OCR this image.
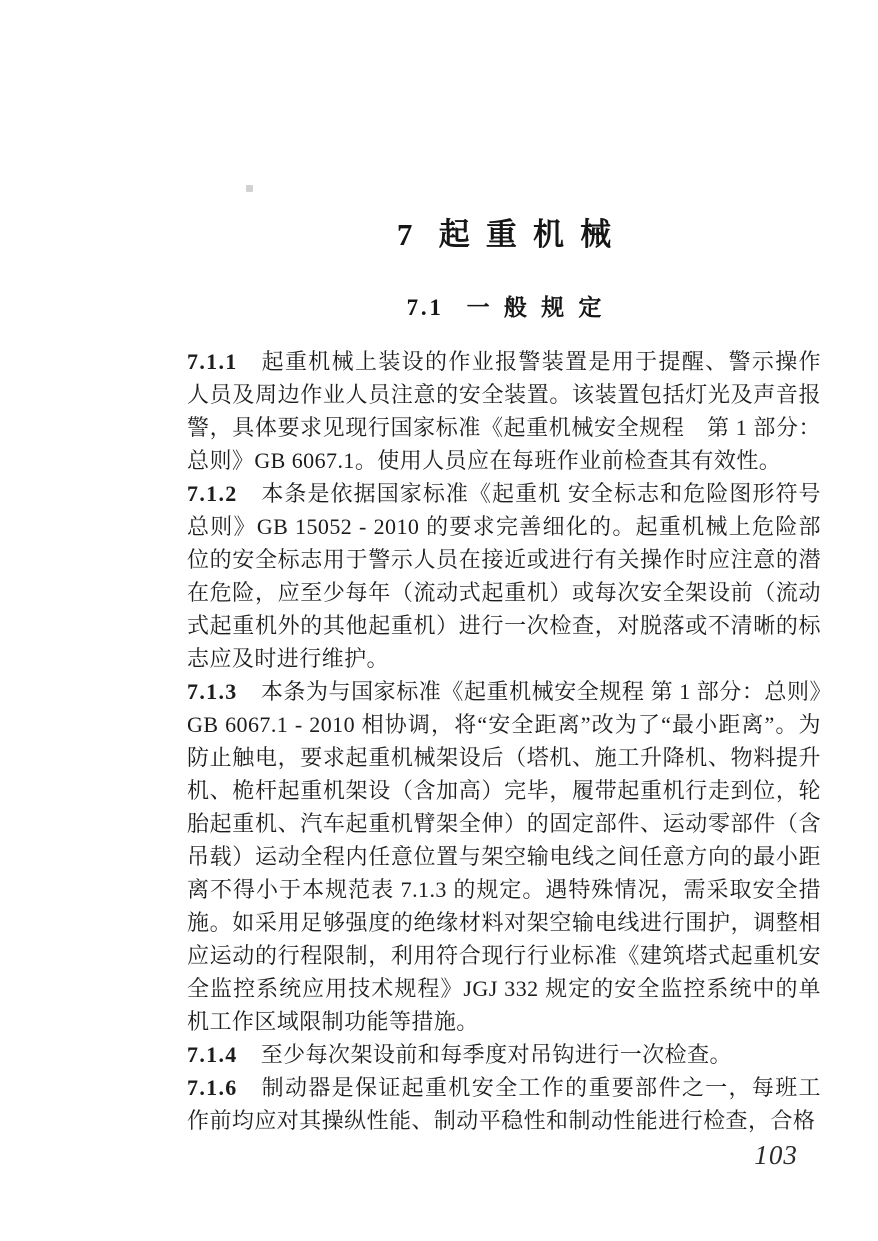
7 起重机械
7.1 一般规定

7.1.1 起重机械上装设的作业报警装置是用于提醒、警示操作人员及周边作业人员注意的安全装置。该装置包括灯光及声音报警，具体要求见现行国家标准《起重机械安全规程　第 1 部分：总则》GB 6067.1。使用人员应在每班作业前检查其有效性。

7.1.2 本条是依据国家标准《起重机 安全标志和危险图形符号 总则》GB 15052 - 2010 的要求完善细化的。起重机械上危险部位的安全标志用于警示人员在接近或进行有关操作时应注意的潜在危险，应至少每年（流动式起重机）或每次安全架设前（流动式起重机外的其他起重机）进行一次检查，对脱落或不清晰的标志应及时进行维护。

7.1.3 本条为与国家标准《起重机械安全规程 第 1 部分：总则》GB 6067.1 - 2010 相协调，将“安全距离”改为了“最小距离”。为防止触电，要求起重机械架设后（塔机、施工升降机、物料提升机、桅杆起重机架设（含加高）完毕，履带起重机行走到位，轮胎起重机、汽车起重机臂架全伸）的固定部件、运动零部件（含吊载）运动全程内任意位置与架空输电线之间任意方向的最小距离不得小于本规范表 7.1.3 的规定。遇特殊情况，需采取安全措施。如采用足够强度的绝缘材料对架空输电线进行围护，调整相应运动的行程限制，利用符合现行行业标准《建筑塔式起重机安全监控系统应用技术规程》JGJ 332 规定的安全监控系统中的单机工作区域限制功能等措施。

7.1.4 至少每次架设前和每季度对吊钩进行一次检查。

7.1.6 制动器是保证起重机安全工作的重要部件之一，每班工作前均应对其操纵性能、制动平稳性和制动性能进行检查，合格

103
